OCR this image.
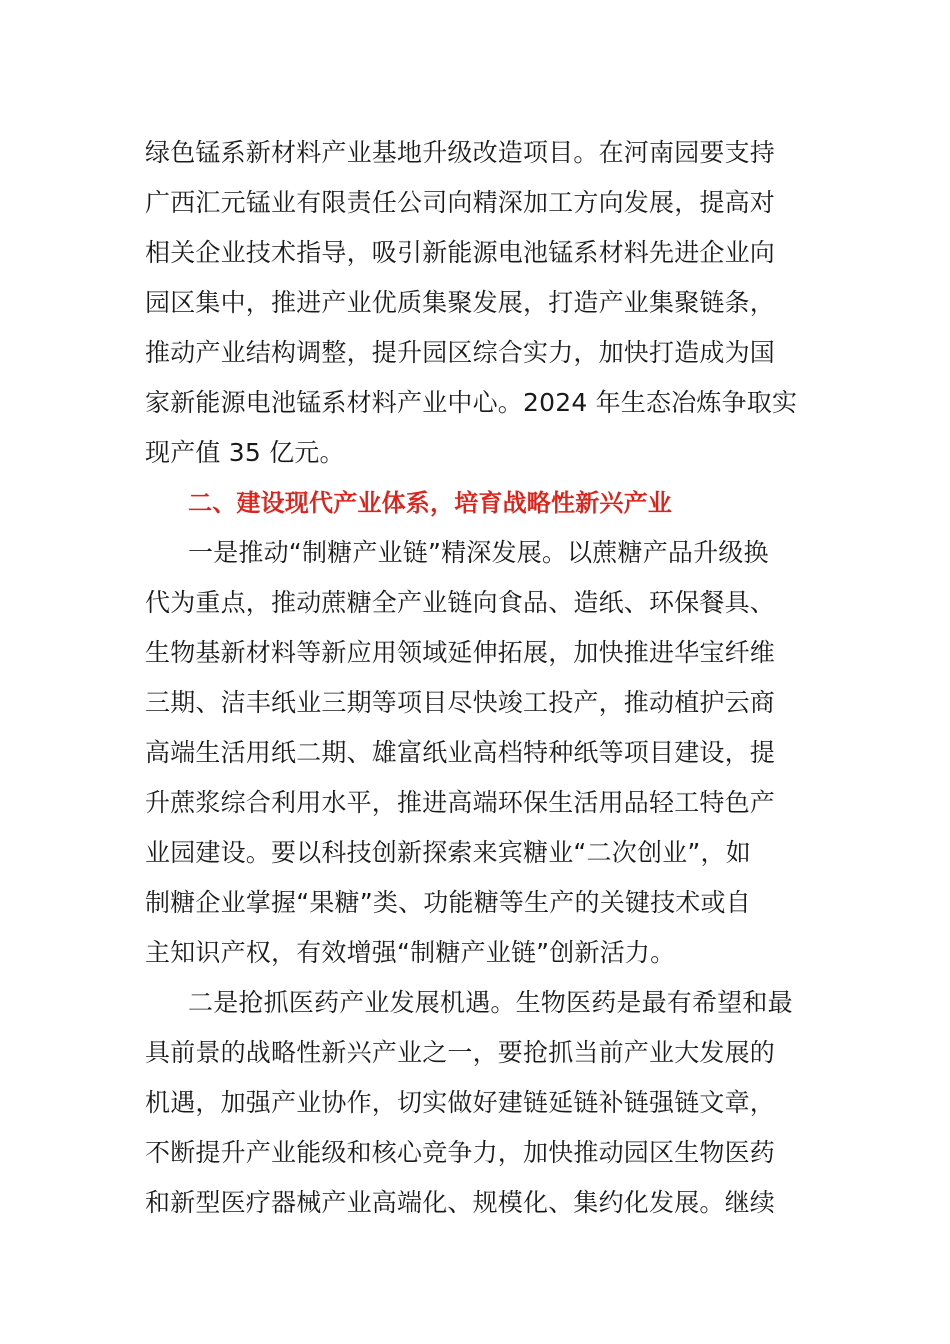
绿色锰系新材料产业基地升级改造项目。在河南园要支持
广西汇元锰业有限责任公司向精深加工方向发展，提高对
相关企业技术指导，吸引新能源电池锰系材料先进企业向
园区集中，推进产业优质集聚发展，打造产业集聚链条，
推动产业结构调整，提升园区综合实力，加快打造成为国
家新能源电池锰系材料产业中心。2024 年生态冶炼争取实
现产值 35 亿元。
二、建设现代产业体系，培育战略性新兴产业
一是推动“制糖产业链”精深发展。以蔗糖产品升级换
代为重点，推动蔗糖全产业链向食品、造纸、环保餐具、
生物基新材料等新应用领域延伸拓展，加快推进华宝纤维
三期、洁丰纸业三期等项目尽快竣工投产，推动植护云商
高端生活用纸二期、雄富纸业高档特种纸等项目建设，提
升蔗浆综合利用水平，推进高端环保生活用品轻工特色产
业园建设。要以科技创新探索来宾糖业“二次创业”，如
制糖企业掌握“果糖”类、功能糖等生产的关键技术或自
主知识产权，有效增强“制糖产业链”创新活力。
二是抢抓医药产业发展机遇。生物医药是最有希望和最
具前景的战略性新兴产业之一，要抢抓当前产业大发展的
机遇，加强产业协作，切实做好建链延链补链强链文章，
不断提升产业能级和核心竞争力，加快推动园区生物医药
和新型医疗器械产业高端化、规模化、集约化发展。继续
